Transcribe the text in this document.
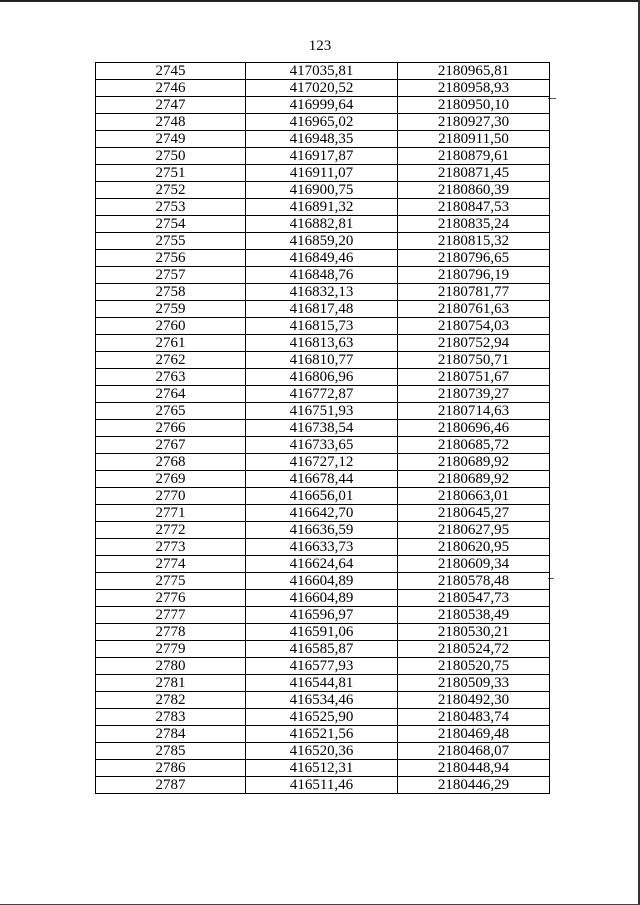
123
2745	417035,81	2180965,81
2746	417020,52	2180958,93
2747	416999,64	2180950,10
2748	416965,02	2180927,30
2749	416948,35	2180911,50
2750	416917,87	2180879,61
2751	416911,07	2180871,45
2752	416900,75	2180860,39
2753	416891,32	2180847,53
2754	416882,81	2180835,24
2755	416859,20	2180815,32
2756	416849,46	2180796,65
2757	416848,76	2180796,19
2758	416832,13	2180781,77
2759	416817,48	2180761,63
2760	416815,73	2180754,03
2761	416813,63	2180752,94
2762	416810,77	2180750,71
2763	416806,96	2180751,67
2764	416772,87	2180739,27
2765	416751,93	2180714,63
2766	416738,54	2180696,46
2767	416733,65	2180685,72
2768	416727,12	2180689,92
2769	416678,44	2180689,92
2770	416656,01	2180663,01
2771	416642,70	2180645,27
2772	416636,59	2180627,95
2773	416633,73	2180620,95
2774	416624,64	2180609,34
2775	416604,89	2180578,48
2776	416604,89	2180547,73
2777	416596,97	2180538,49
2778	416591,06	2180530,21
2779	416585,87	2180524,72
2780	416577,93	2180520,75
2781	416544,81	2180509,33
2782	416534,46	2180492,30
2783	416525,90	2180483,74
2784	416521,56	2180469,48
2785	416520,36	2180468,07
2786	416512,31	2180448,94
2787	416511,46	2180446,29
